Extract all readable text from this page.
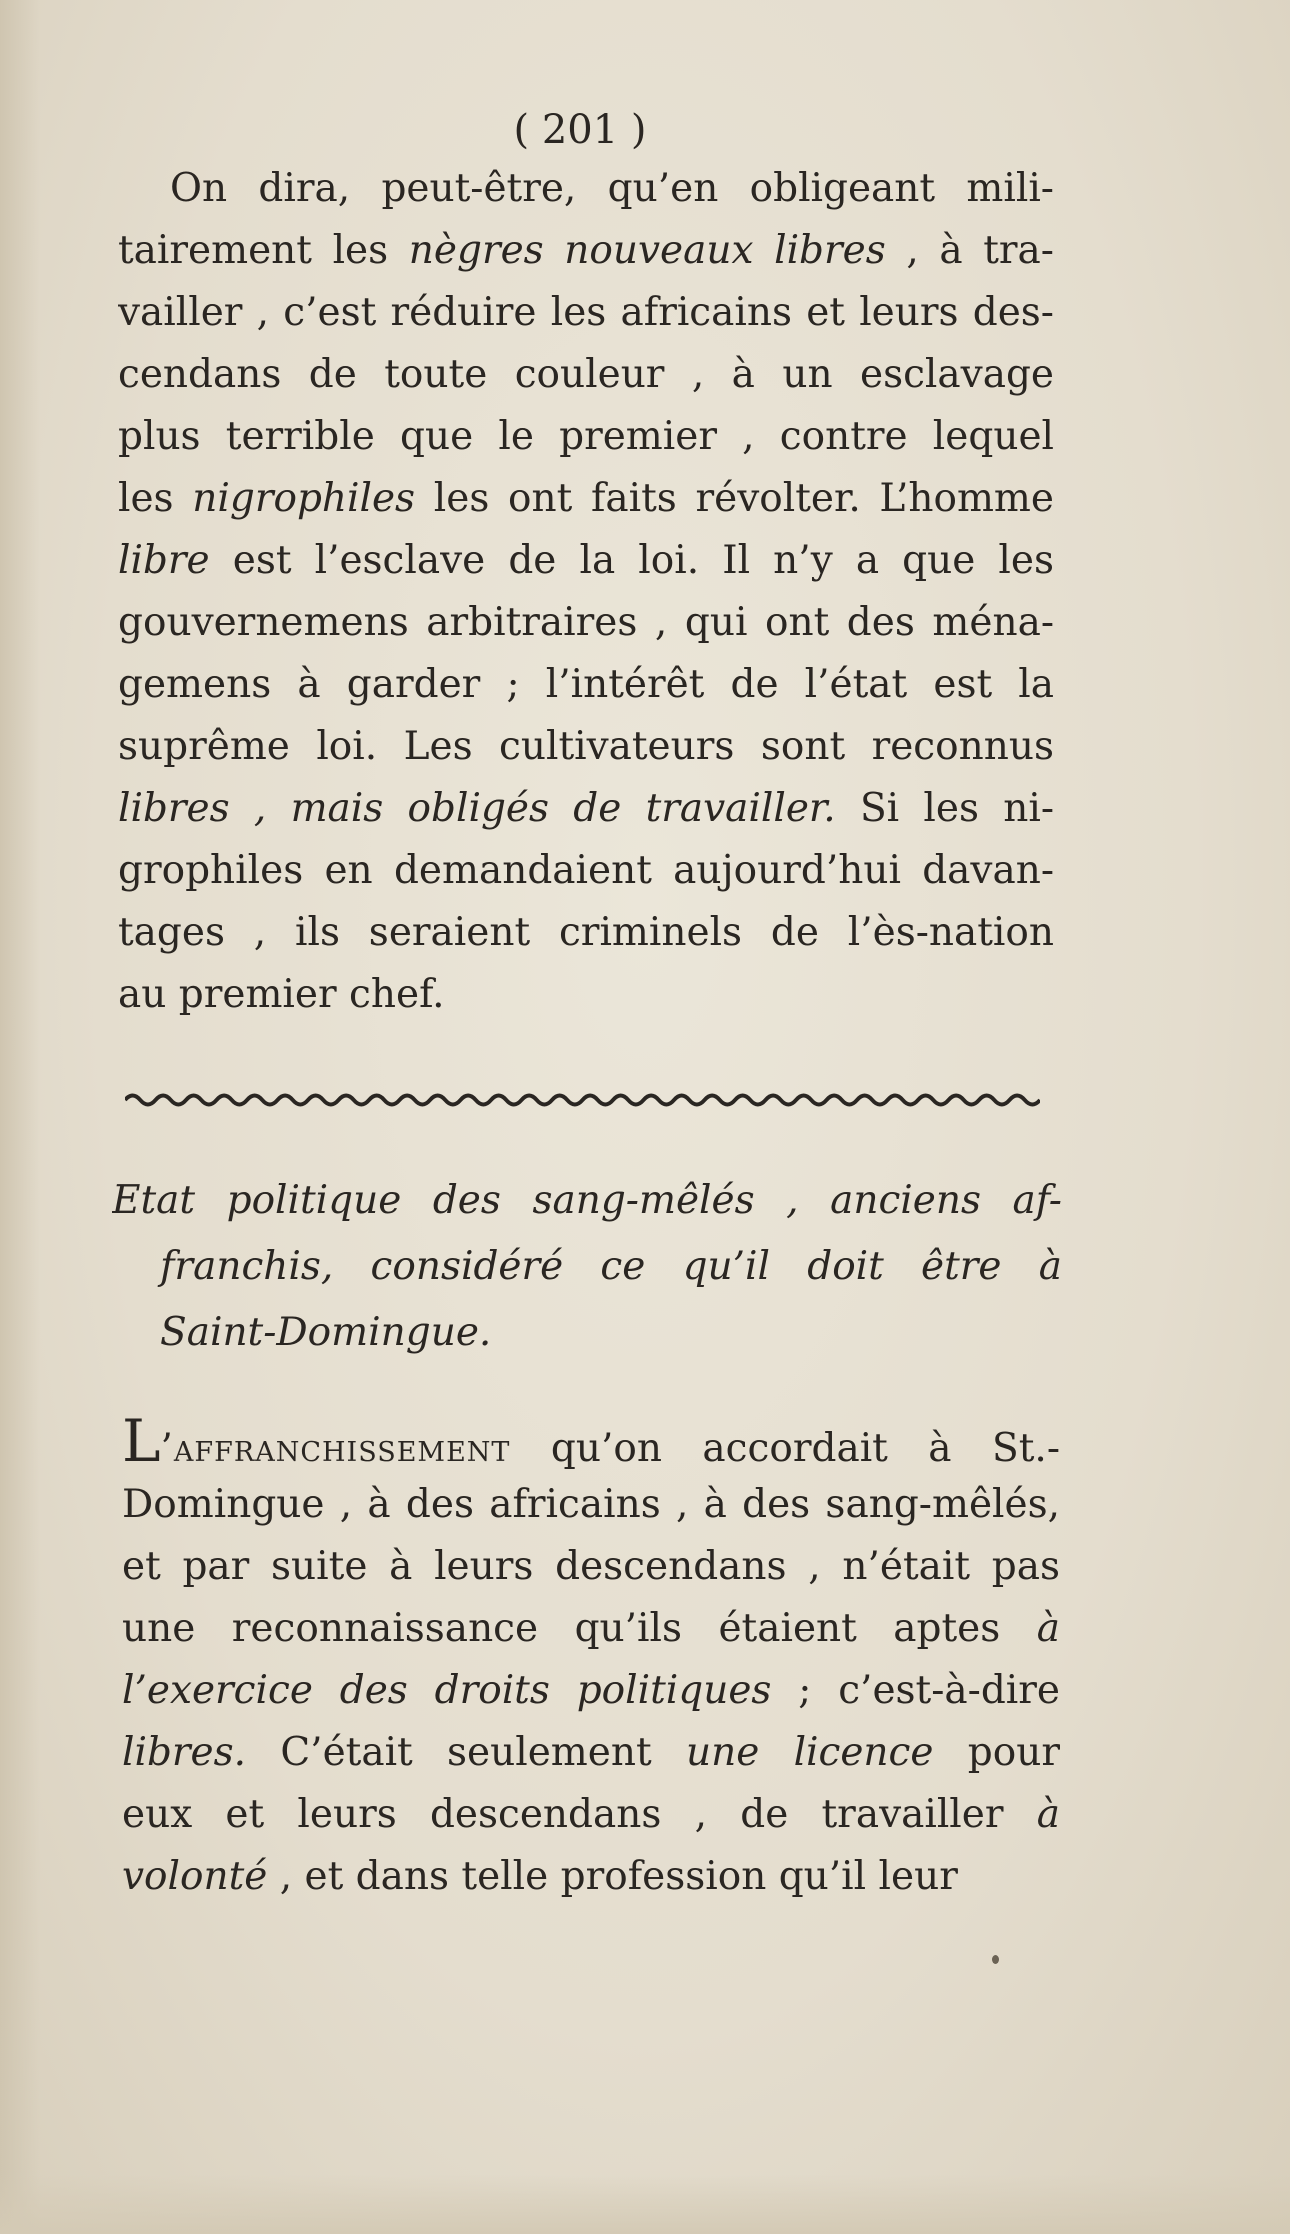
( 201 )
On dira, peut-être, qu’en obligeant mili-
tairement les nègres nouveaux libres , à tra-
vailler , c’est réduire les africains et leurs des-
cendans de toute couleur , à un esclavage
plus terrible que le premier , contre lequel
les nigrophiles les ont faits révolter. L’homme
libre est l’esclave de la loi. Il n’y a que les
gouvernemens arbitraires , qui ont des ména-
gemens à garder ; l’intérêt de l’état est la
suprême loi. Les cultivateurs sont reconnus
libres , mais obligés de travailler. Si les ni-
grophiles en demandaient aujourd’hui davan-
tages , ils seraient criminels de l’ès-nation
au premier chef.
Etat politique des sang-mêlés , anciens af-
franchis, considéré ce qu’il doit être à
Saint-Domingue.
L’affranchissement qu’on accordait à St.-
Domingue , à des africains , à des sang-mêlés,
et par suite à leurs descendans , n’était pas
une reconnaissance qu’ils étaient aptes à
l’exercice des droits politiques ; c’est-à-dire
libres. C’était seulement une licence pour
eux et leurs descendans , de travailler à
volonté , et dans telle profession qu’il leur
